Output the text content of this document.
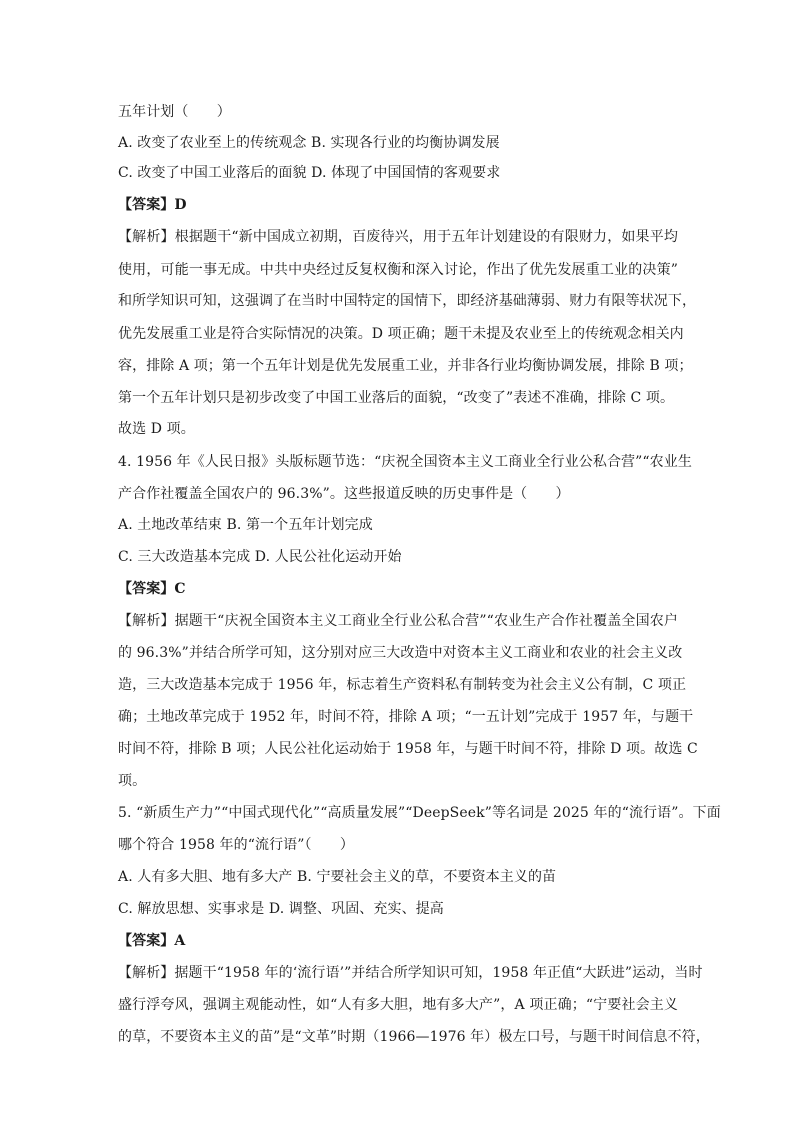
五年计划（　　）
A. 改变了农业至上的传统观念 B. 实现各行业的均衡协调发展
C. 改变了中国工业落后的面貌 D. 体现了中国国情的客观要求
【答案】D
【解析】根据题干“新中国成立初期，百废待兴，用于五年计划建设的有限财力，如果平均
使用，可能一事无成。中共中央经过反复权衡和深入讨论，作出了优先发展重工业的决策”
和所学知识可知，这强调了在当时中国特定的国情下，即经济基础薄弱、财力有限等状况下，
优先发展重工业是符合实际情况的决策。D 项正确；题干未提及农业至上的传统观念相关内
容，排除 A 项；第一个五年计划是优先发展重工业，并非各行业均衡协调发展，排除 B 项；
第一个五年计划只是初步改变了中国工业落后的面貌，“改变了”表述不准确，排除 C 项。
故选 D 项。
4. 1956 年《人民日报》头版标题节选：“庆祝全国资本主义工商业全行业公私合营”“农业生
产合作社覆盖全国农户的 96.3%”。这些报道反映的历史事件是（　　）
A. 土地改革结束 B. 第一个五年计划完成
C. 三大改造基本完成 D. 人民公社化运动开始
【答案】C
【解析】据题干“庆祝全国资本主义工商业全行业公私合营”“农业生产合作社覆盖全国农户
的 96.3%”并结合所学可知，这分别对应三大改造中对资本主义工商业和农业的社会主义改
造，三大改造基本完成于 1956 年，标志着生产资料私有制转变为社会主义公有制，C 项正
确；土地改革完成于 1952 年，时间不符，排除 A 项；“一五计划”完成于 1957 年，与题干
时间不符，排除 B 项；人民公社化运动始于 1958 年，与题干时间不符，排除 D 项。故选 C
项。
5. “新质生产力”“中国式现代化”“高质量发展”“DeepSeek”等名词是 2025 年的“流行语”。下面
哪个符合 1958 年的“流行语”（　　）
A. 人有多大胆、地有多大产 B. 宁要社会主义的草，不要资本主义的苗
C. 解放思想、实事求是 D. 调整、巩固、充实、提高
【答案】A
【解析】据题干“1958 年的‘流行语’”并结合所学知识可知，1958 年正值“大跃进”运动，当时
盛行浮夸风，强调主观能动性，如“人有多大胆，地有多大产”，A 项正确；“宁要社会主义
的草，不要资本主义的苗”是“文革”时期（1966—1976 年）极左口号，与题干时间信息不符，
